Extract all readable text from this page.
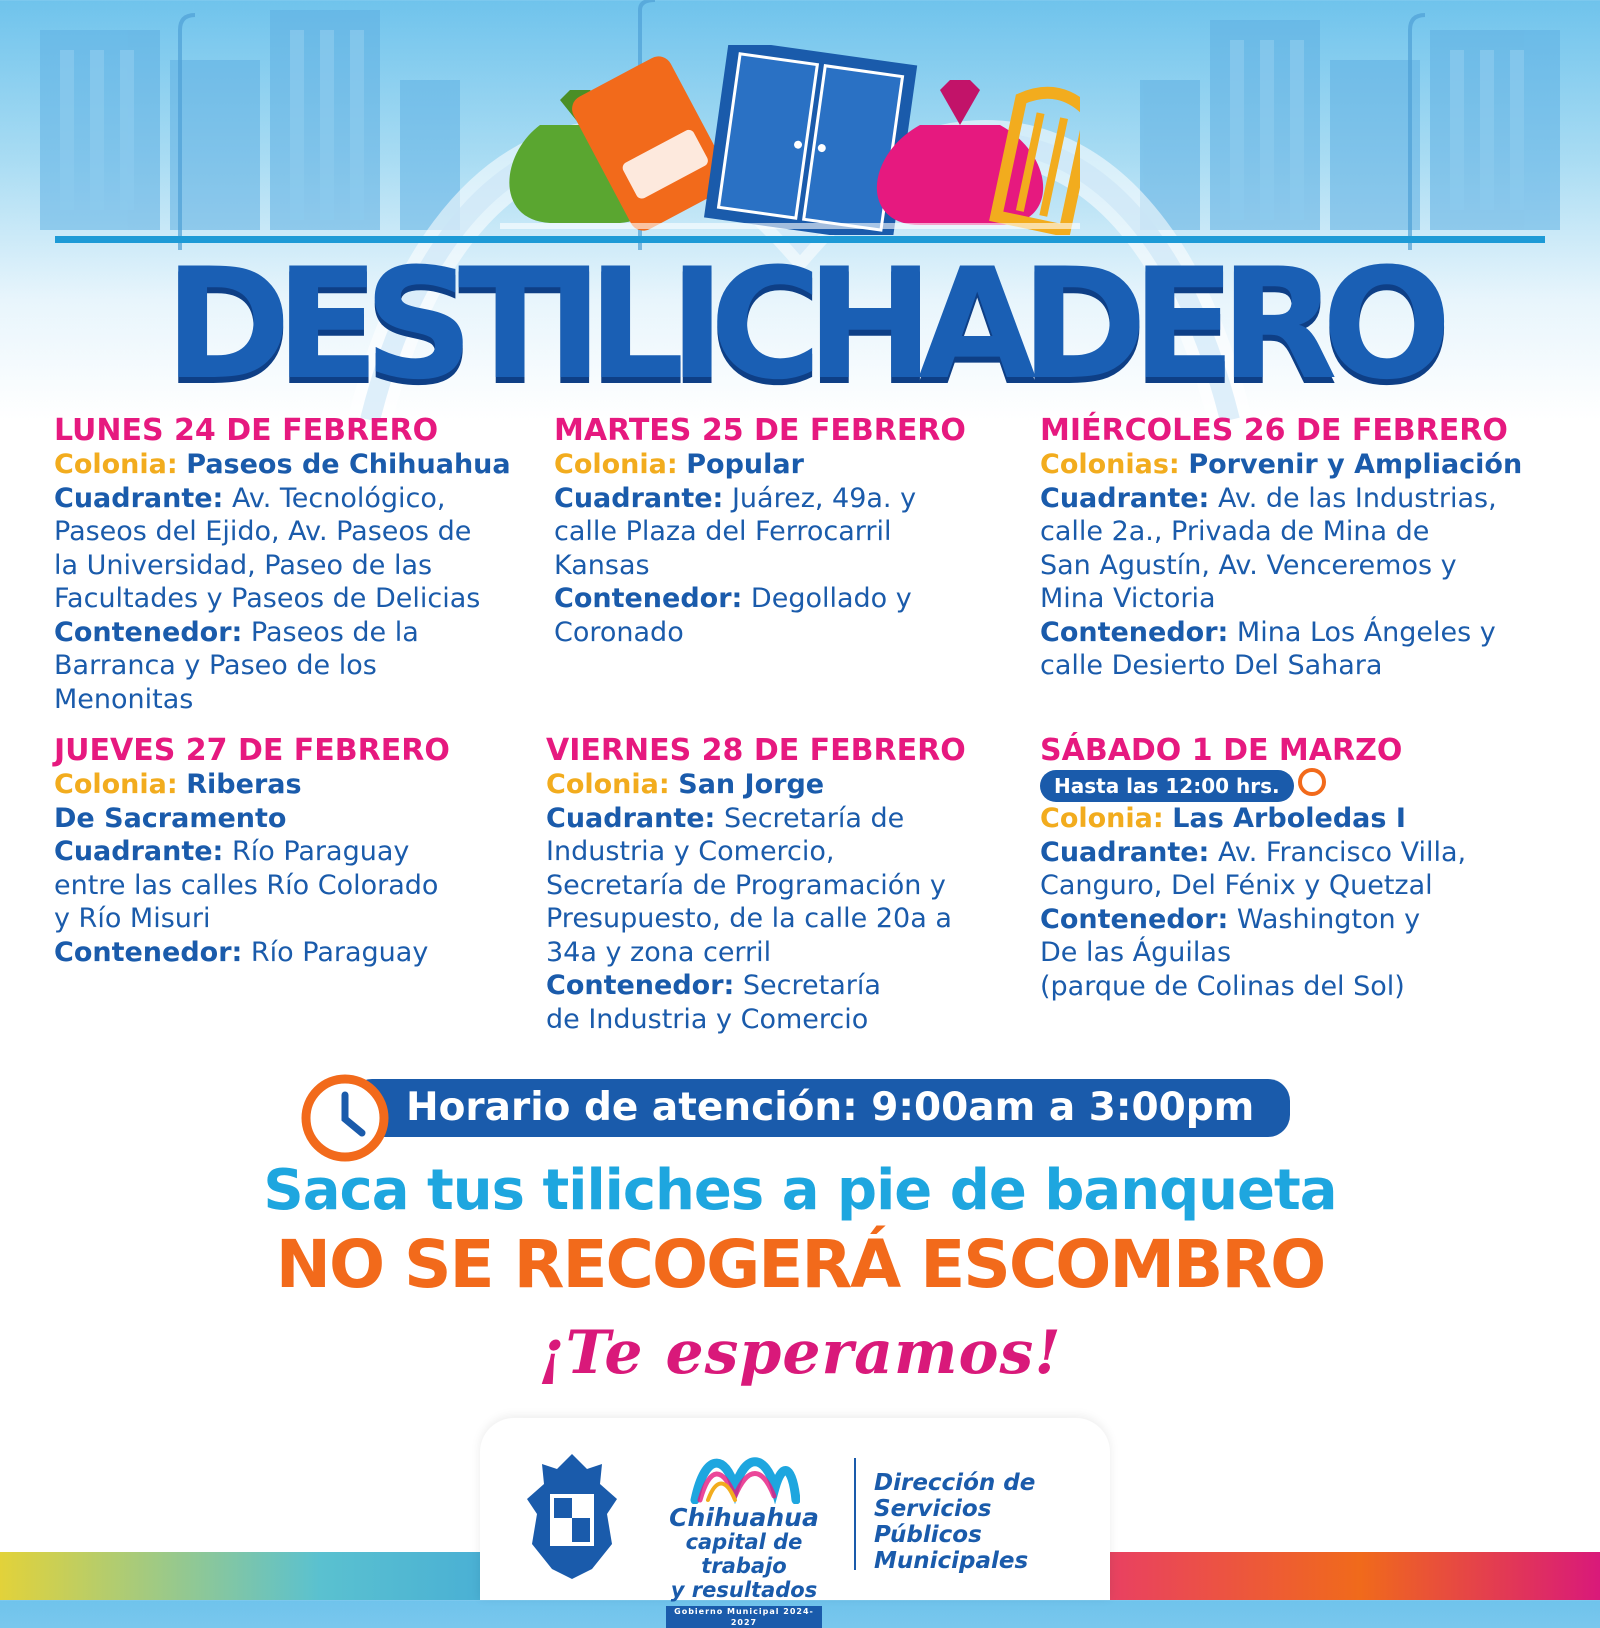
DESTILICHADERO
LUNES 24 DE FEBRERO
Colonia: Paseos de Chihuahua
Cuadrante: Av. Tecnológico,
Paseos del Ejido, Av. Paseos de
la Universidad, Paseo de las
Facultades y Paseos de Delicias
Contenedor: Paseos de la
Barranca y Paseo de los
Menonitas
MARTES 25 DE FEBRERO
Colonia: Popular
Cuadrante: Juárez, 49a. y
calle Plaza del Ferrocarril
Kansas
Contenedor: Degollado y
Coronado
MIÉRCOLES 26 DE FEBRERO
Colonias: Porvenir y Ampliación
Cuadrante: Av. de las Industrias,
calle 2a., Privada de Mina de
San Agustín, Av. Venceremos y
Mina Victoria
Contenedor: Mina Los Ángeles y
calle Desierto Del Sahara
JUEVES 27 DE FEBRERO
Colonia: Riberas
De Sacramento
Cuadrante: Río Paraguay
entre las calles Río Colorado
y Río Misuri
Contenedor: Río Paraguay
VIERNES 28 DE FEBRERO
Colonia: San Jorge
Cuadrante: Secretaría de
Industria y Comercio,
Secretaría de Programación y
Presupuesto, de la calle 20a a
34a y zona cerril
Contenedor: Secretaría
de Industria y Comercio
SÁBADO 1 DE MARZO
Hasta las 12:00 hrs.
Colonia: Las Arboledas I
Cuadrante: Av. Francisco Villa,
Canguro, Del Fénix y Quetzal
Contenedor: Washington y
De las Águilas
(parque de Colinas del Sol)
Horario de atención: 9:00am a 3:00pm
Saca tus tiliches a pie de banqueta
NO SE RECOGERÁ ESCOMBRO
¡Te esperamos!
Chihuahua
capital de trabajo
y resultados
Gobierno Municipal 2024-2027
Dirección de
Servicios Públicos
Municipales
